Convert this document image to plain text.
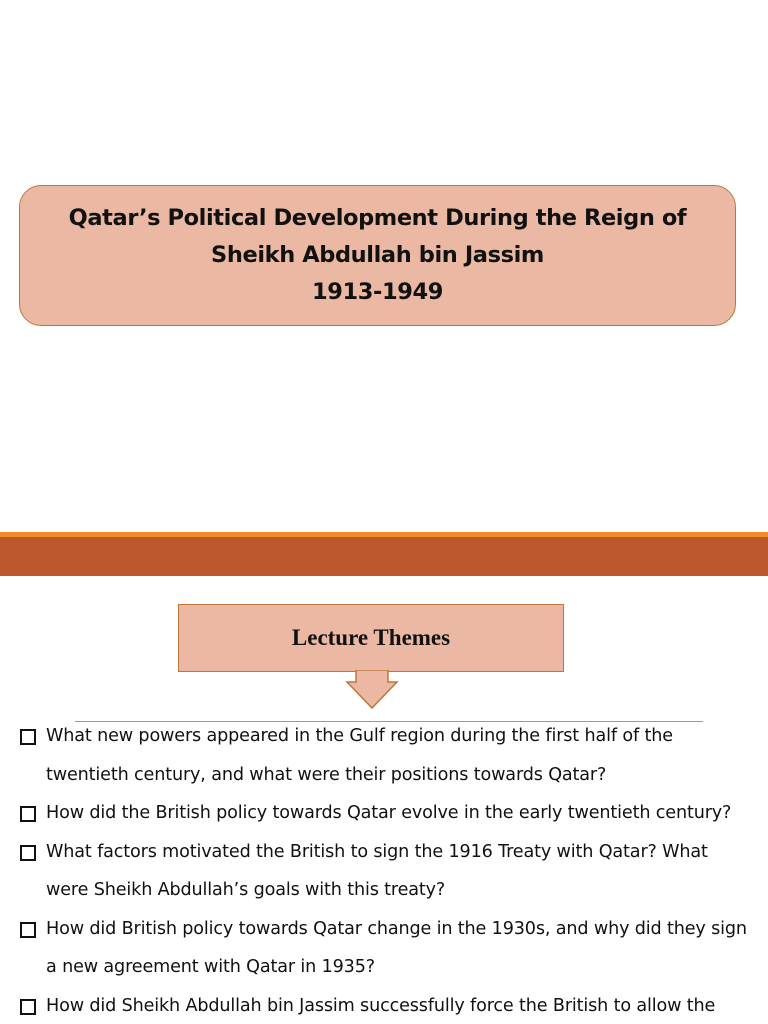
Qatar’s Political Development During the Reign of
Sheikh Abdullah bin Jassim
1913-1949
Lecture Themes
What new powers appeared in the Gulf region during the first half of the twentieth century, and what were their positions towards Qatar?
How did the British policy towards Qatar evolve in the early twentieth century?
What factors motivated the British to sign the 1916 Treaty with Qatar? What were Sheikh Abdullah’s goals with this treaty?
How did British policy towards Qatar change in the 1930s, and why did they sign a new agreement with Qatar in 1935?
How did Sheikh Abdullah bin Jassim successfully force the British to allow the
